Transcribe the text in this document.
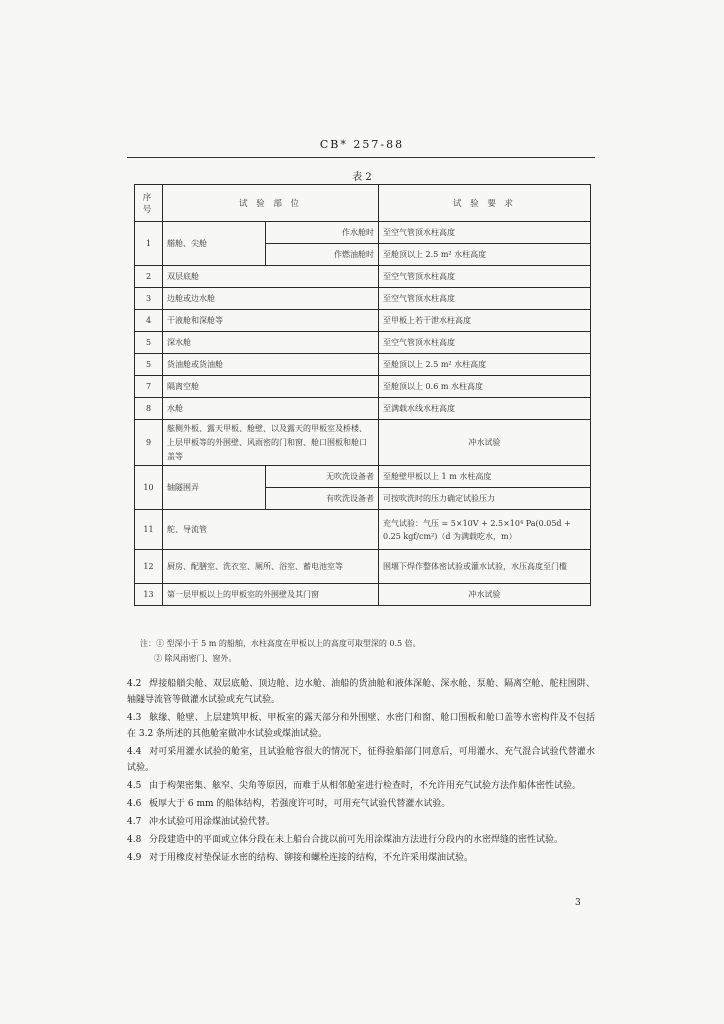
CB* 257-88
表 2
序号	试 验 部 位		试 验 要 求
1	艏舱、尖舱	作水舱时	至空气管顶水柱高度
		作燃油舱时	至舱顶以上 2.5 m² 水柱高度
2	双层底舱		至空气管顶水柱高度
3	边舱或边水舱		至空气管顶水柱高度
4	干液舱和深舱等		至甲板上若干泄水柱高度
5	深水舱		至空气管顶水柱高度
5	货油舱或货油舱		至舱顶以上 2.5 m² 水柱高度
7	隔离空舱		至舱顶以上 0.6 m 水柱高度
8	水舱		至满载水线水柱高度
9	舷侧外板、露天甲板、舱壁、以及露天的甲板室及桥楼、上层甲板等的外围壁、风雨密的门和窗、舱口围板和舱口盖等		冲水试验
10	轴隧围弄	无吹洗设备者	至舱壁甲板以上 1 m 水柱高度
		有吹洗设备者	可按吹洗时的压力确定试验压力
11	舵、导流管		充气试验：气压 = 5×10V + 2.5×10⁴ Pa(0.05d + 0.25 kgf/cm²)（d 为满载吃水，m）
12	厨房、配膳室、洗衣室、厕所、浴室、蓄电池室等		围堰下焊作整体密试验或灌水试验，水压高度至门槛
13	第一层甲板以上的甲板室的外围壁及其门窗		冲水试验
注：① 型深小于 5 m 的船舶，水柱高度在甲板以上的高度可取型深的 0.5 倍。
② 除风雨密门、窗外。
4.2 焊接船艏尖舱、双层底舱、顶边舱、边水舱、油船的货油舱和液体深舱、深水舱、泵舱、隔离空舱、舵柱围阱、轴隧导流管等做灌水试验或充气试验。
4.3 舷缘、舱壁、上层建筑甲板、甲板室的露天部分和外围壁、水密门和窗、舱口围板和舱口盖等水密构件及不包括在 3.2 条所述的其他舱室做冲水试验或煤油试验。
4.4 对可采用灌水试验的舱室，且试验舱容很大的情况下，征得验船部门同意后，可用灌水、充气混合试验代替灌水试验。
4.5 由于构架密集、舷窄、尖角等原因，而难于从相邻舱室进行检查时，不允许用充气试验方法作船体密性试验。
4.6 板厚大于 6 mm 的船体结构，若强度许可时，可用充气试验代替灌水试验。
4.7 冲水试验可用涂煤油试验代替。
4.8 分段建造中的平面或立体分段在未上船台合拢以前可先用涂煤油方法进行分段内的水密焊缝的密性试验。
4.9 对于用橡皮衬垫保证水密的结构、铆接和螺栓连接的结构，不允许采用煤油试验。
3
